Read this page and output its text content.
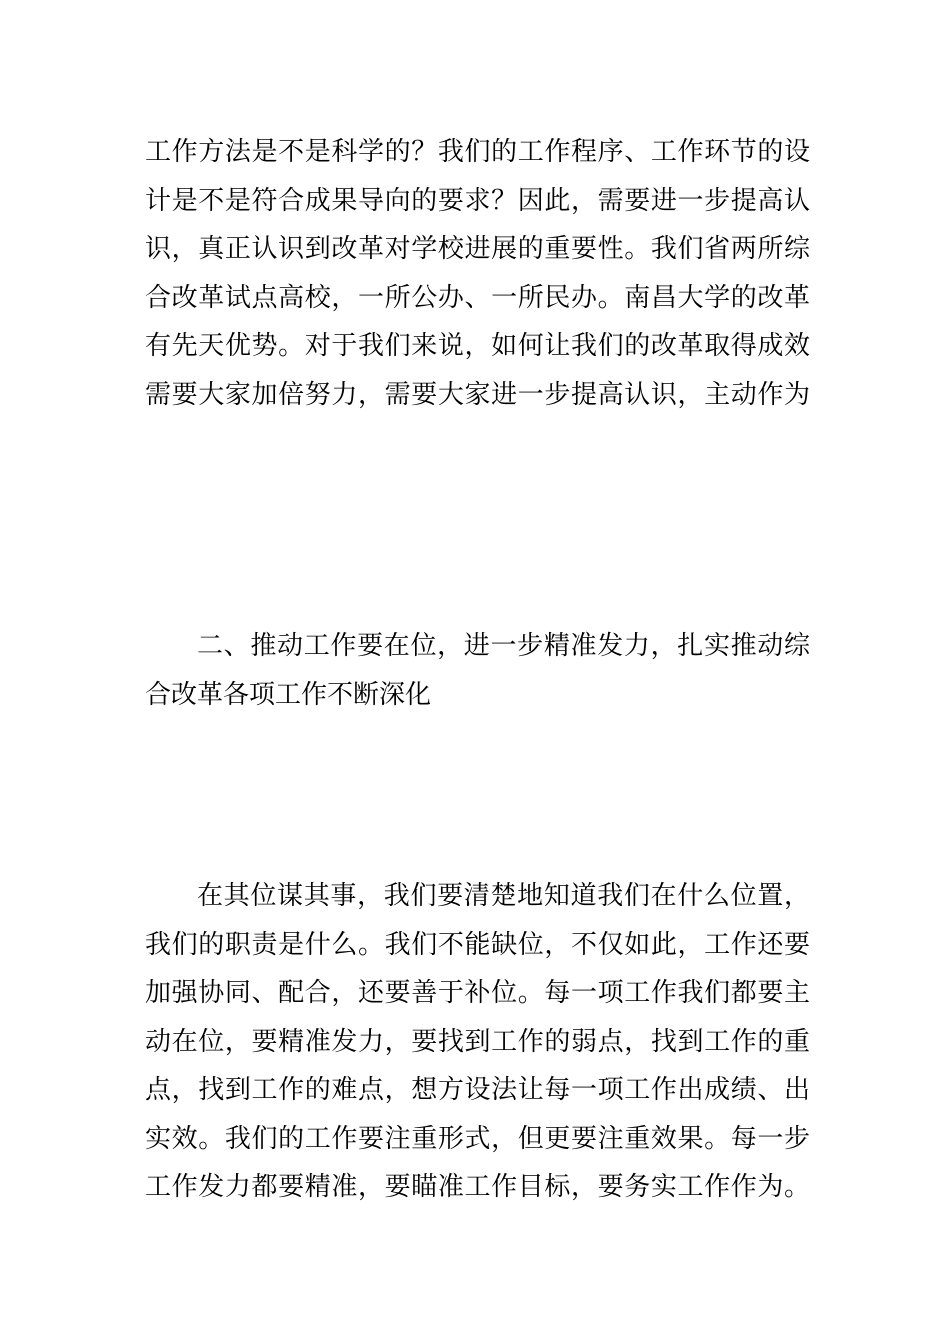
工作方法是不是科学的？我们的工作程序、工作环节的设
计是不是符合成果导向的要求？因此，需要进一步提高认
识，真正认识到改革对学校进展的重要性。我们省两所综
合改革试点高校，一所公办、一所民办。南昌大学的改革
有先天优势。对于我们来说，如何让我们的改革取得成效
需要大家加倍努力，需要大家进一步提高认识，主动作为
二、推动工作要在位，进一步精准发力，扎实推动综
合改革各项工作不断深化
在其位谋其事，我们要清楚地知道我们在什么位置，
我们的职责是什么。我们不能缺位，不仅如此，工作还要
加强协同、配合，还要善于补位。每一项工作我们都要主
动在位，要精准发力，要找到工作的弱点，找到工作的重
点，找到工作的难点，想方设法让每一项工作出成绩、出
实效。我们的工作要注重形式，但更要注重效果。每一步
工作发力都要精准，要瞄准工作目标，要务实工作作为。
